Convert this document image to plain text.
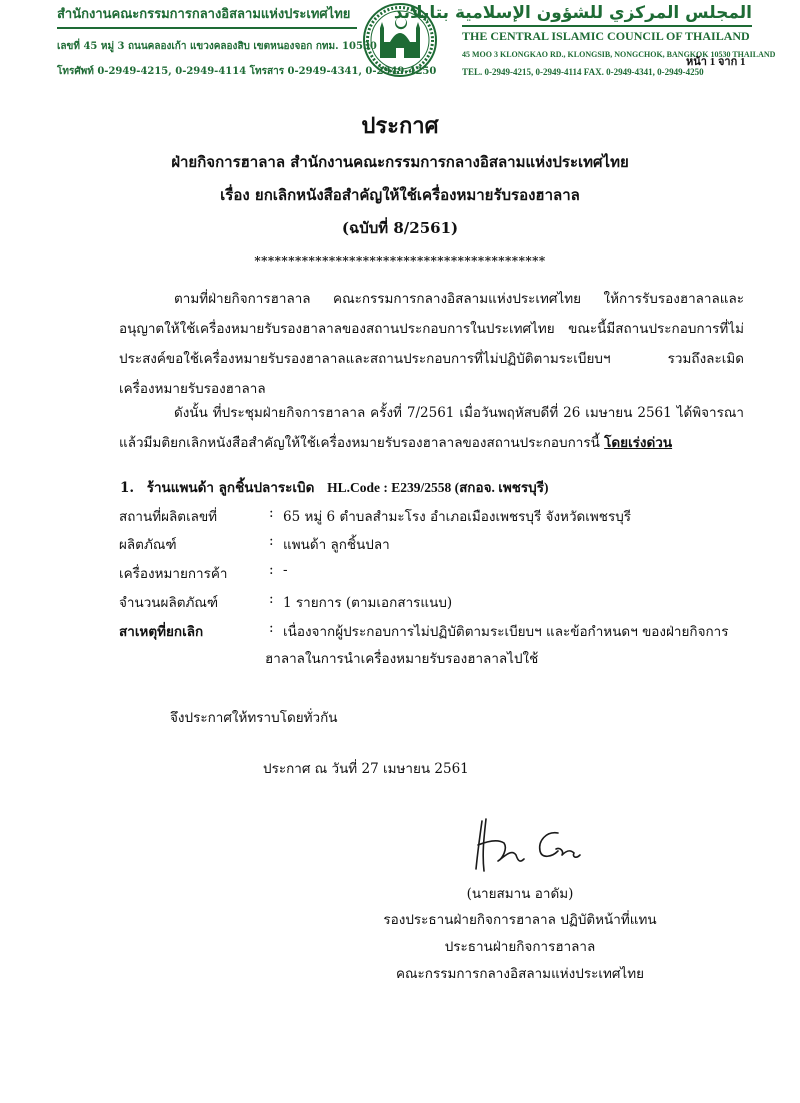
สำนักงานคณะกรรมการกลางอิสลามแห่งประเทศไทย
เลขที่ 45 หมู่ 3 ถนนคลองเก้า แขวงคลองสิบ เขตหนองจอก กทม. 10530
โทรศัพท์ 0-2949-4215, 0-2949-4114 โทรสาร 0-2949-4341, 0-2949-4250
المجلس المركزي للشؤون الإسلامية بتايلاند
THE CENTRAL ISLAMIC COUNCIL OF THAILAND
45 MOO 3 KLONGKAO RD., KLONGSIB, NONGCHOK, BANGKOK 10530 THAILAND
TEL. 0-2949-4215, 0-2949-4114 FAX. 0-2949-4341, 0-2949-4250
หน้า 1 จาก 1
ประกาศ
ฝ่ายกิจการฮาลาล สำนักงานคณะกรรมการกลางอิสลามแห่งประเทศไทย
เรื่อง ยกเลิกหนังสือสำคัญให้ใช้เครื่องหมายรับรองฮาลาล
(ฉบับที่ 8/2561)
*******************************************
ตามที่ฝ่ายกิจการฮาลาล คณะกรรมการกลางอิสลามแห่งประเทศไทย ให้การรับรองฮาลาลและอนุญาตให้ใช้เครื่องหมายรับรองฮาลาลของสถานประกอบการในประเทศไทย ขณะนี้มีสถานประกอบการที่ไม่ประสงค์ขอใช้เครื่องหมายรับรองฮาลาลและสถานประกอบการที่ไม่ปฏิบัติตามระเบียบฯ รวมถึงละเมิดเครื่องหมายรับรองฮาลาล
ดังนั้น ที่ประชุมฝ่ายกิจการฮาลาล ครั้งที่ 7/2561 เมื่อวันพฤหัสบดีที่ 26 เมษายน 2561 ได้พิจารณาแล้วมีมติยกเลิกหนังสือสำคัญให้ใช้เครื่องหมายรับรองฮาลาลของสถานประกอบการนี้ โดยเร่งด่วน
1. ร้านแพนด้า ลูกชิ้นปลาระเบิด HL.Code : E239/2558 (สกอจ. เพชรบุรี)
สถานที่ผลิตเลขที่	: 65 หมู่ 6 ตำบลสำมะโรง อำเภอเมืองเพชรบุรี จังหวัดเพชรบุรี
ผลิตภัณฑ์	: แพนด้า ลูกชิ้นปลา
เครื่องหมายการค้า	: -
จำนวนผลิตภัณฑ์	: 1 รายการ (ตามเอกสารแนบ)
สาเหตุที่ยกเลิก	: เนื่องจากผู้ประกอบการไม่ปฏิบัติตามระเบียบฯ และข้อกำหนดฯ ของฝ่ายกิจการ
ฮาลาลในการนำเครื่องหมายรับรองฮาลาลไปใช้
จึงประกาศให้ทราบโดยทั่วกัน
ประกาศ ณ วันที่ 27 เมษายน 2561
(นายสมาน อาดัม)
รองประธานฝ่ายกิจการฮาลาล ปฏิบัติหน้าที่แทน
ประธานฝ่ายกิจการฮาลาล
คณะกรรมการกลางอิสลามแห่งประเทศไทย
